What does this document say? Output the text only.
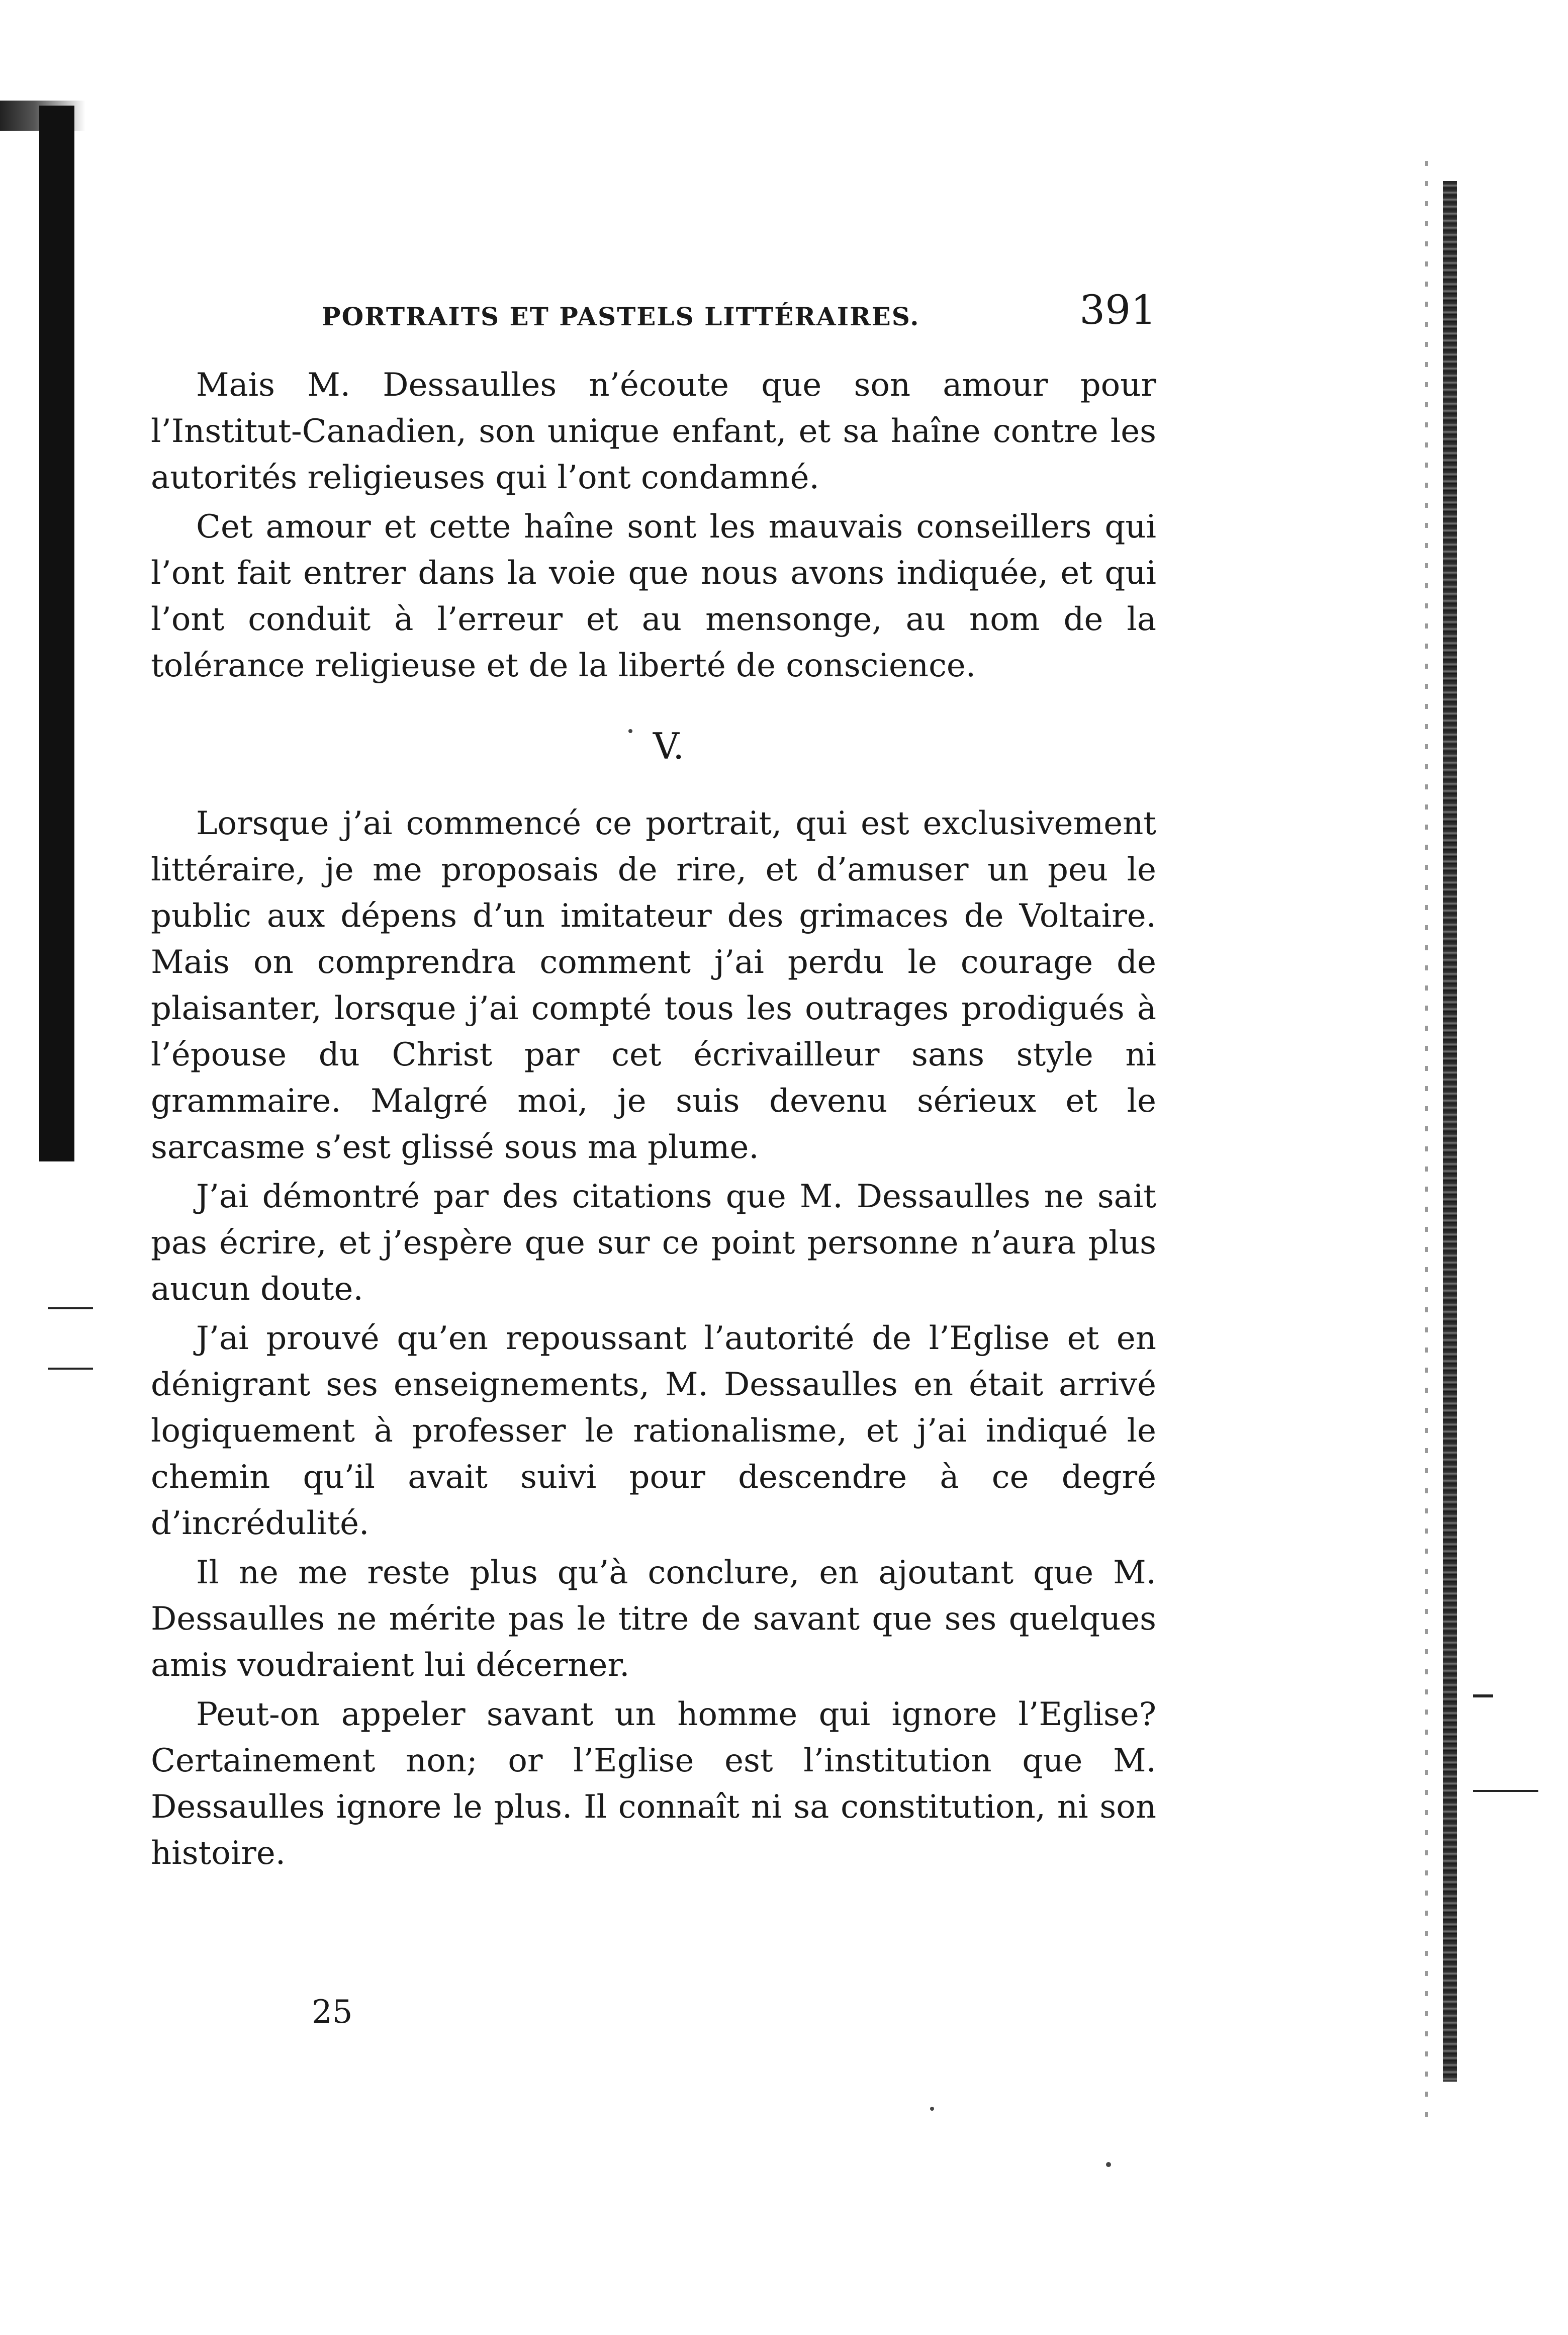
PORTRAITS ET PASTELS LITTÉRAIRES.	391

Mais M. Dessaulles n’écoute que son amour pour l’Institut-Canadien, son unique enfant, et sa haîne contre les autorités religieuses qui l’ont condamné.

Cet amour et cette haîne sont les mauvais conseillers qui l’ont fait entrer dans la voie que nous avons indiquée, et qui l’ont conduit à l’erreur et au mensonge, au nom de la tolérance religieuse et de la liberté de conscience.

V.

Lorsque j’ai commencé ce portrait, qui est exclusivement littéraire, je me proposais de rire, et d’amuser un peu le public aux dépens d’un imitateur des grimaces de Voltaire. Mais on comprendra comment j’ai perdu le courage de plaisanter, lorsque j’ai compté tous les outrages prodigués à l’épouse du Christ par cet écrivailleur sans style ni grammaire. Malgré moi, je suis devenu sérieux et le sarcasme s’est glissé sous ma plume.

J’ai démontré par des citations que M. Dessaulles ne sait pas écrire, et j’espère que sur ce point personne n’aura plus aucun doute.

J’ai prouvé qu’en repoussant l’autorité de l’Eglise et en dénigrant ses enseignements, M. Dessaulles en était arrivé logiquement à professer le rationalisme, et j’ai indiqué le chemin qu’il avait suivi pour descendre à ce degré d’incrédulité.

Il ne me reste plus qu’à conclure, en ajoutant que M. Dessaulles ne mérite pas le titre de savant que ses quelques amis voudraient lui décerner.

Peut-on appeler savant un homme qui ignore l’Eglise? Certainement non; or l’Eglise est l’institution que M. Dessaulles ignore le plus. Il connaît ni sa constitution, ni son histoire.

25
